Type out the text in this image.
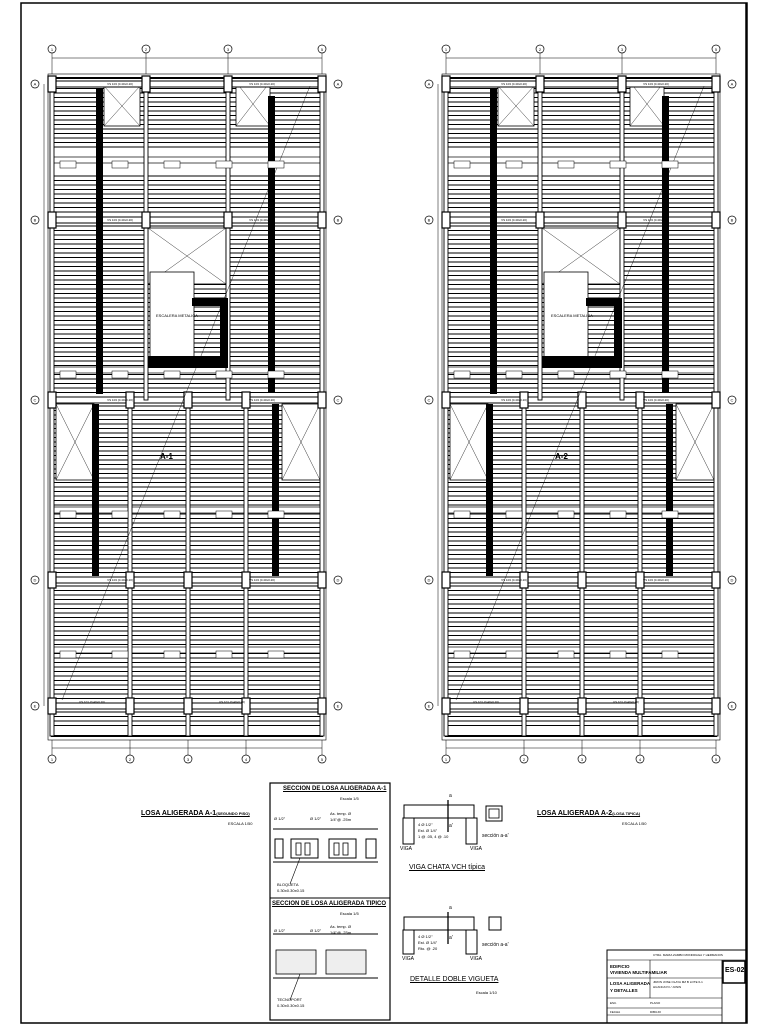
VS 103 (0.40x0.20)	VS 103 (0.40x0.20)
VS 103 (0.40x0.20)	VS 103 (0.40x0.20)
VS 103 (0.40x0.20)	VS 103 (0.40x0.20)
VS 103 (0.40x0.20)	VS 103 (0.40x0.20)
VS 101 (0.40x0.20)	VS 101 (0.40x0.20)
1	2	3	5
1	2	3	4	5
A	A
B	B
C	C
D	D
E	E
VS 103 (0.40x0.20)	VS 103 (0.40x0.20)
VS 103 (0.40x0.20)	VS 103 (0.40x0.20)
VS 103 (0.40x0.20)	VS 103 (0.40x0.20)
VS 103 (0.40x0.20)	VS 103 (0.40x0.20)
VS 101 (0.40x0.20)	VS 101 (0.40x0.20)
1	2	3	5
1	2	3	4	5
A	A
B	B
C	C
D	D
E	E
A-1	A-2
ESCALERA METALICA	ESCALERA METALICA
LOSA ALIGERADA A-1(SEGUNDO PISO)
ESCALA 1/50
LOSA ALIGERADA A-2(LOSA TIPICA)
ESCALA 1/50
SECCION DE LOSA ALIGERADA A-1
Escala 1/5
Ø 1/2"	Ø 1/2"
As. temp. Ø
1/4"@ .25m
BLOQUETA
0.30x0.30x0.15
SECCION DE LOSA ALIGERADA TIPICO
Escala 1/5
Ø 1/2"	Ø 1/2"
As. temp. Ø
1/4"@ .25m
TECNOPORT
0.30x0.30x0.15
a
a'
4 Ø 1/2"
Est. Ø 1/4"
1 @ .05, 4 @ .10
VIGA	VIGA
sección a-a'
VIGA CHATA VCH típica
a
a'
4 Ø 1/2"
Est. Ø 1/4"
Rto. @ .20
VIGA	VIGA
sección a-a'
DETALLE DOBLE VIGUETA
Escala 1/10
CTRA. MARIA ZAMBO MONDRAGA Y HERMANOS
EDIFICIO
VIVIENDA MULTIFAMILIAR
JIRON JOSE OLAYA MZ B LOTE 6-1
HUANCAYO / JUNIN
LOSA ALIGERADA
Y DETALLES
ESC.	PLANO
FECHA	DIBUJO
ES-02
